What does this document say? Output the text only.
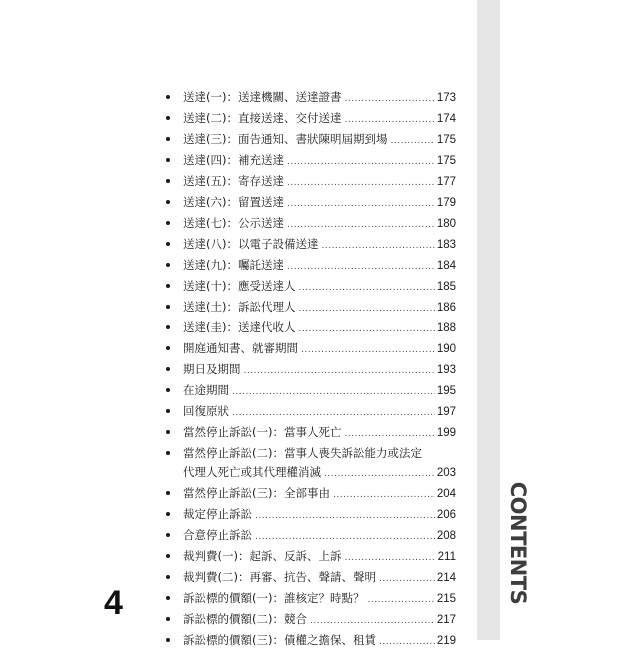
CONTENTS
送達(一)：送達機關、送達證書 .....	173
送達(二)：直接送達、交付送達 .....	174
送達(三)：面告通知、書狀陳明屆期到場 .....	175
送達(四)：補充送達 .....	175
送達(五)：寄存送達 .....	177
送達(六)：留置送達 .....	179
送達(七)：公示送達 .....	180
送達(八)：以電子設備送達 .....	183
送達(九)：囑託送達 .....	184
送達(十)：應受送達人 .....	185
送達(土)：訴訟代理人 .....	186
送達(圭)：送達代收人 .....	188
開庭通知書、就審期間 .....	190
期日及期間 .....	193
在途期間 .....	195
回復原狀 .....	197
當然停止訴訟(一)：當事人死亡 .....	199
當然停止訴訟(二)：當事人喪失訴訟能力或法定
代理人死亡或其代理權消滅 .....	203
當然停止訴訟(三)：全部事由 .....	204
裁定停止訴訟 .....	206
合意停止訴訟 .....	208
裁判費(一)：起訴、反訴、上訴 .....	211
裁判費(二)：再審、抗告、聲請、聲明 .....	214
訴訟標的價額(一)：誰核定？時點？ .....	215
訴訟標的價額(二)：競合 .....	217
訴訟標的價額(三)：債權之擔保、租賃 .....	219
4
